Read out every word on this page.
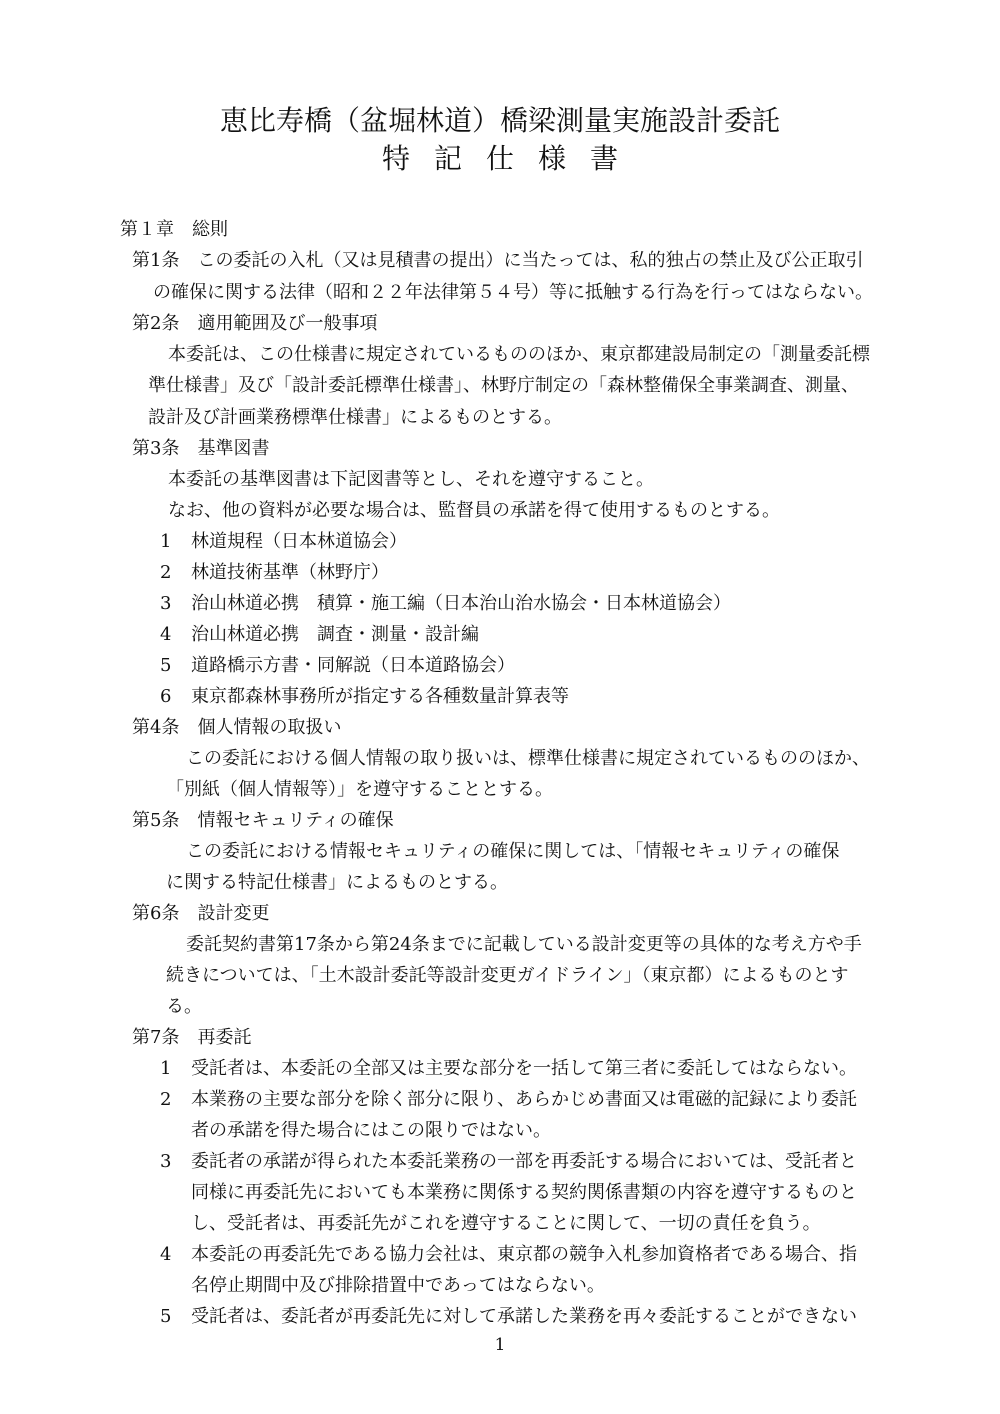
恵比寿橋（盆堀林道）橋梁測量実施設計委託
特記仕様書
第１章　総則
第1条　この委託の入札（又は見積書の提出）に当たっては、私的独占の禁止及び公正取引
の確保に関する法律（昭和２２年法律第５４号）等に抵触する行為を行ってはならない。
第2条　適用範囲及び一般事項
本委託は、この仕様書に規定されているもののほか、東京都建設局制定の「測量委託標
準仕様書」及び「設計委託標準仕様書」、林野庁制定の「森林整備保全事業調査、測量、
設計及び計画業務標準仕様書」によるものとする。
第3条　基準図書
本委託の基準図書は下記図書等とし、それを遵守すること。
なお、他の資料が必要な場合は、監督員の承諾を得て使用するものとする。
1 林道規程（日本林道協会）
2 林道技術基準（林野庁）
3 治山林道必携　積算・施工編（日本治山治水協会・日本林道協会）
4 治山林道必携　調査・測量・設計編
5 道路橋示方書・同解説（日本道路協会）
6 東京都森林事務所が指定する各種数量計算表等
第4条　個人情報の取扱い
この委託における個人情報の取り扱いは、標準仕様書に規定されているもののほか、
「別紙（個人情報等）」を遵守することとする。
第5条　情報セキュリティの確保
この委託における情報セキュリティの確保に関しては、「情報セキュリティの確保
に関する特記仕様書」によるものとする。
第6条　設計変更
委託契約書第17条から第24条までに記載している設計変更等の具体的な考え方や手
続きについては、「土木設計委託等設計変更ガイドライン」（東京都）によるものとす
る。
第7条　再委託
1 受託者は、本委託の全部又は主要な部分を一括して第三者に委託してはならない。
2 本業務の主要な部分を除く部分に限り、あらかじめ書面又は電磁的記録により委託
者の承諾を得た場合にはこの限りではない。
3 委託者の承諾が得られた本委託業務の一部を再委託する場合においては、受託者と
同様に再委託先においても本業務に関係する契約関係書類の内容を遵守するものと
し、受託者は、再委託先がこれを遵守することに関して、一切の責任を負う。
4 本委託の再委託先である協力会社は、東京都の競争入札参加資格者である場合、指
名停止期間中及び排除措置中であってはならない。
5 受託者は、委託者が再委託先に対して承諾した業務を再々委託することができない
1
